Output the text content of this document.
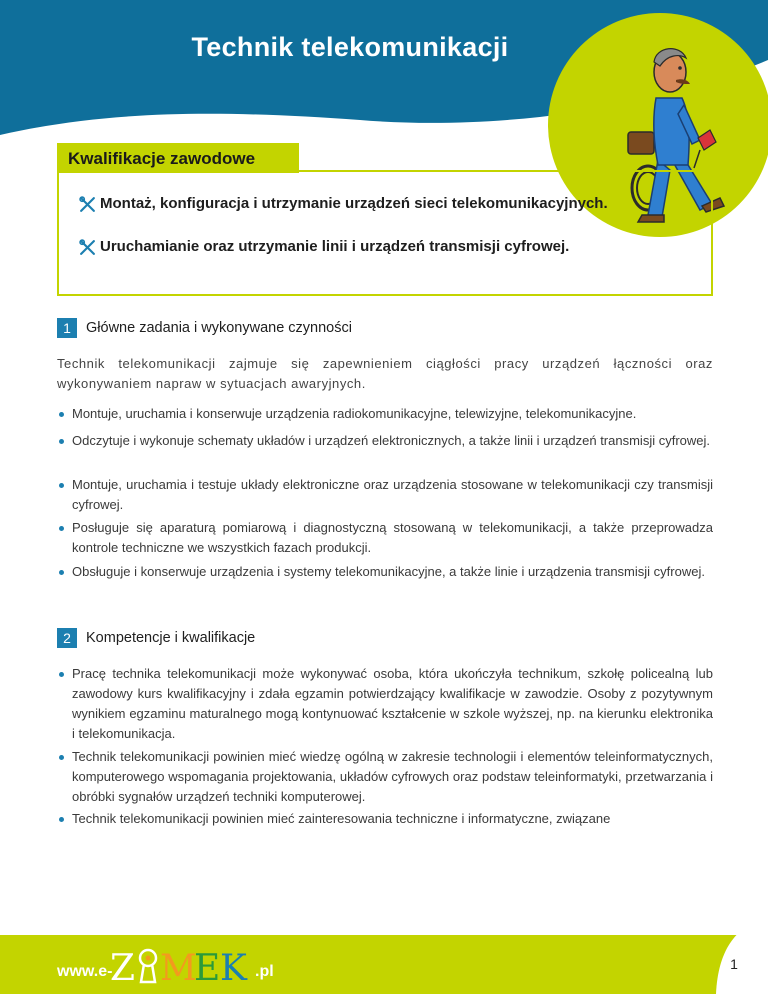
Technik telekomunikacji
Kwalifikacje zawodowe
Montaż, konfiguracja i utrzymanie urządzeń sieci telekomunikacyjnych.
Uruchamianie oraz utrzymanie linii i urządzeń transmisji cyfrowej.
1	Główne zadania i wykonywane czynności
Technik telekomunikacji zajmuje się zapewnieniem ciągłości pracy urządzeń łączności oraz wykonywaniem napraw w sytuacjach awaryjnych.
Montuje, uruchamia i konserwuje urządzenia radiokomunikacyjne, telewizyjne, telekomunikacyjne.
Odczytuje i wykonuje schematy układów i urządzeń elektronicznych, a także linii i urządzeń transmisji cyfrowej.
Montuje, uruchamia i testuje układy elektroniczne oraz urządzenia stosowane w telekomunikacji czy transmisji cyfrowej.
Posługuje się aparaturą pomiarową i diagnostyczną stosowaną w telekomunikacji, a także przeprowadza kontrole techniczne we wszystkich fazach produkcji.
Obsługuje i konserwuje urządzenia i systemy telekomunikacyjne, a także linie i urządzenia transmisji cyfrowej.
2	Kompetencje i kwalifikacje
Pracę technika telekomunikacji może wykonywać osoba, która ukończyła technikum, szkołę policealną lub zawodowy kurs kwalifikacyjny i zdała egzamin potwierdzający kwalifikacje w zawodzie. Osoby z pozytywnym wynikiem egzaminu maturalnego mogą kontynuować kształcenie w szkole wyższej, np. na kierunku elektronika i telekomunikacja.
Technik telekomunikacji powinien mieć wiedzę ogólną w zakresie technologii i elementów teleinformatycznych, komputerowego wspomagania projektowania, układów cyfrowych oraz podstaw teleinformatyki, przetwarzania i obróbki sygnałów urządzeń techniki komputerowej.
Technik telekomunikacji powinien mieć zainteresowania techniczne i informatyczne, związane
www.e-
Z M
E K .pl	1
